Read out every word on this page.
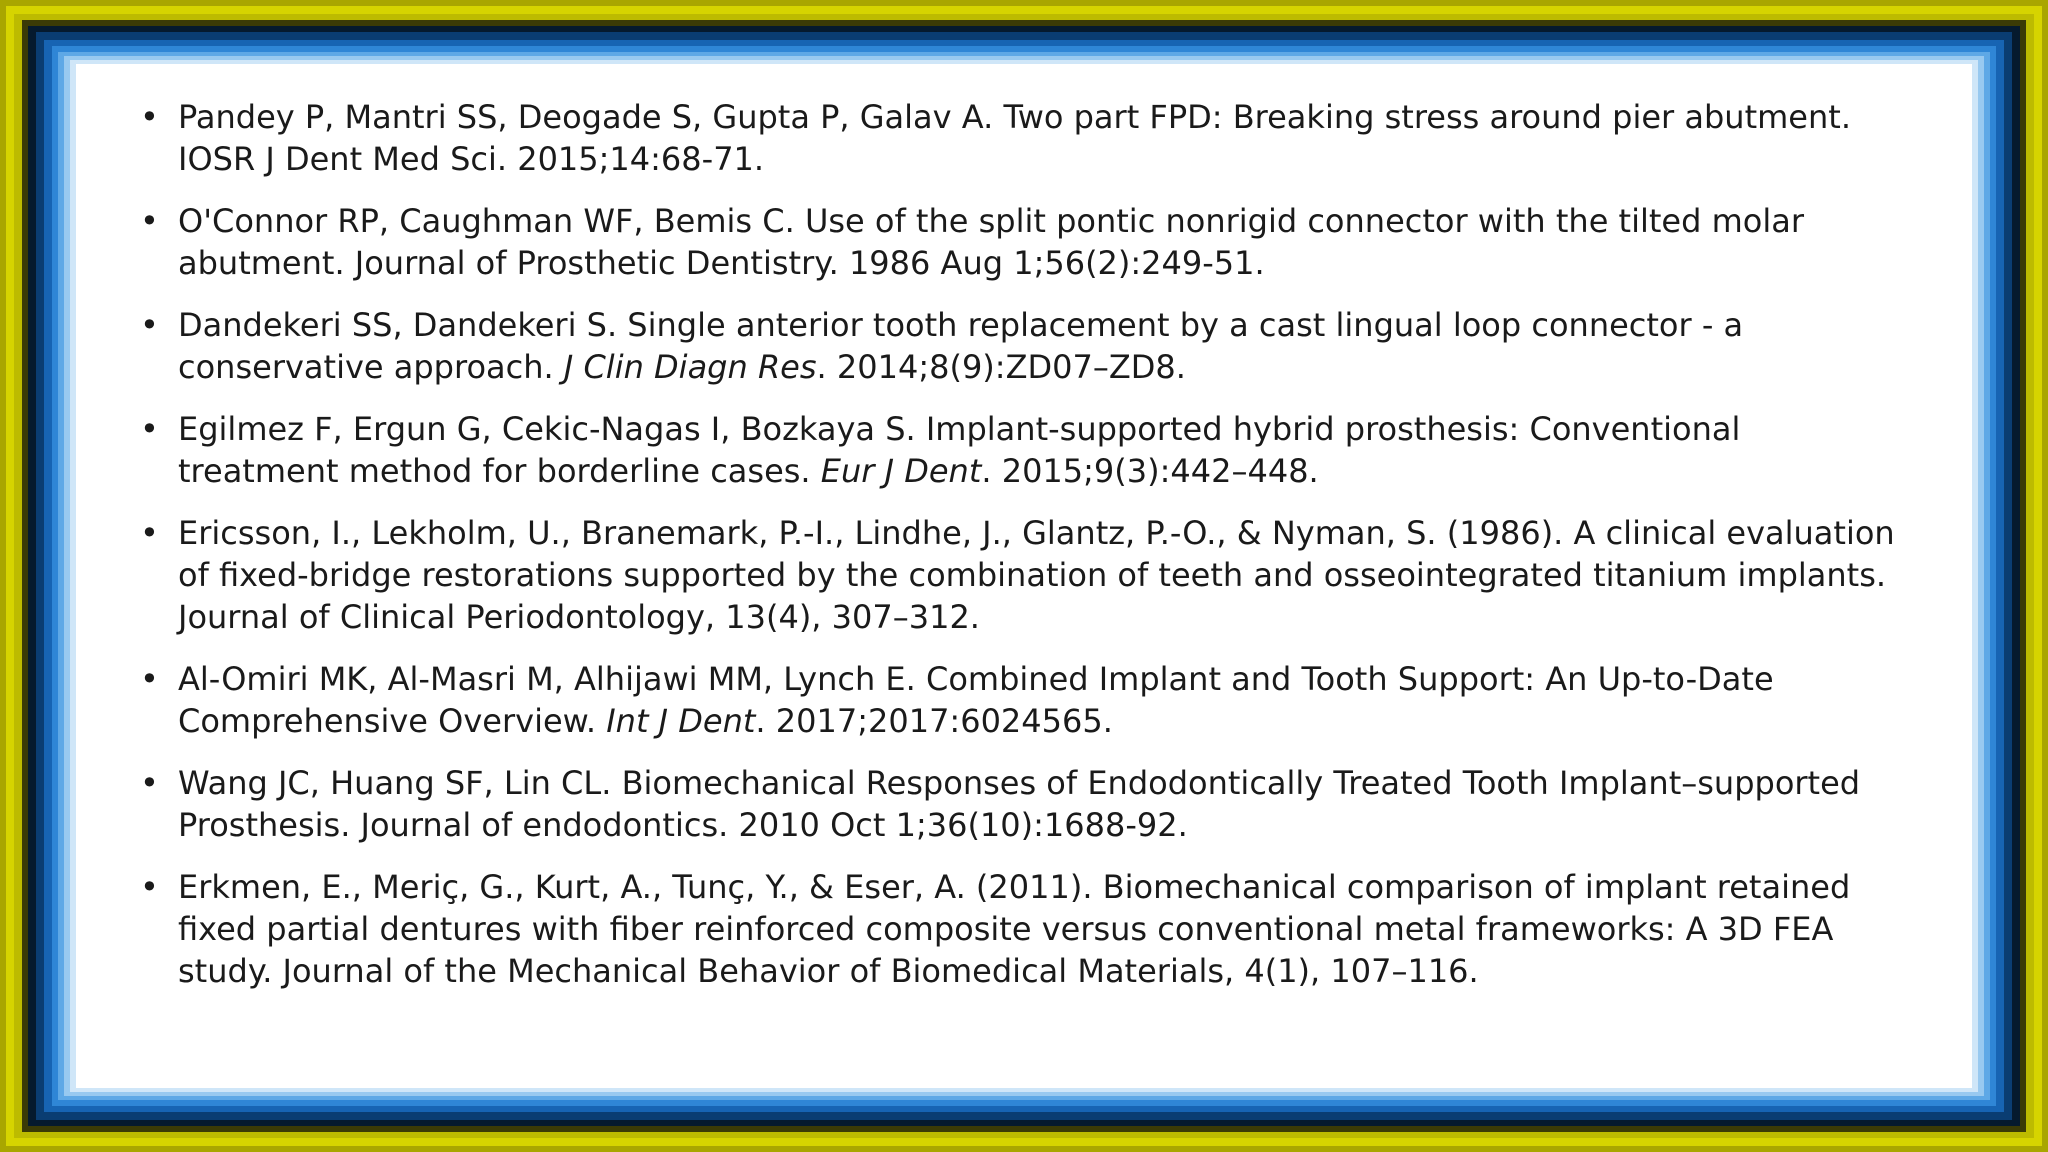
• Pandey P, Mantri SS, Deogade S, Gupta P, Galav A. Two part FPD: Breaking stress around pier abutment. IOSR J Dent Med Sci. 2015;14:68-71.
• O'Connor RP, Caughman WF, Bemis C. Use of the split pontic nonrigid connector with the tilted molar abutment. Journal of Prosthetic Dentistry. 1986 Aug 1;56(2):249-51.
• Dandekeri SS, Dandekeri S. Single anterior tooth replacement by a cast lingual loop connector - a conservative approach. J Clin Diagn Res. 2014;8(9):ZD07–ZD8.
• Egilmez F, Ergun G, Cekic-Nagas I, Bozkaya S. Implant-supported hybrid prosthesis: Conventional treatment method for borderline cases. Eur J Dent. 2015;9(3):442–448.
• Ericsson, I., Lekholm, U., Branemark, P.-I., Lindhe, J., Glantz, P.-O., & Nyman, S. (1986). A clinical evaluation of fixed-bridge restorations supported by the combination of teeth and osseointegrated titanium implants. Journal of Clinical Periodontology, 13(4), 307–312.
• Al-Omiri MK, Al-Masri M, Alhijawi MM, Lynch E. Combined Implant and Tooth Support: An Up-to-Date Comprehensive Overview. Int J Dent. 2017;2017:6024565.
• Wang JC, Huang SF, Lin CL. Biomechanical Responses of Endodontically Treated Tooth Implant–supported Prosthesis. Journal of endodontics. 2010 Oct 1;36(10):1688-92.
• Erkmen, E., Meriç, G., Kurt, A., Tunç, Y., & Eser, A. (2011). Biomechanical comparison of implant retained fixed partial dentures with fiber reinforced composite versus conventional metal frameworks: A 3D FEA study. Journal of the Mechanical Behavior of Biomedical Materials, 4(1), 107–116.
